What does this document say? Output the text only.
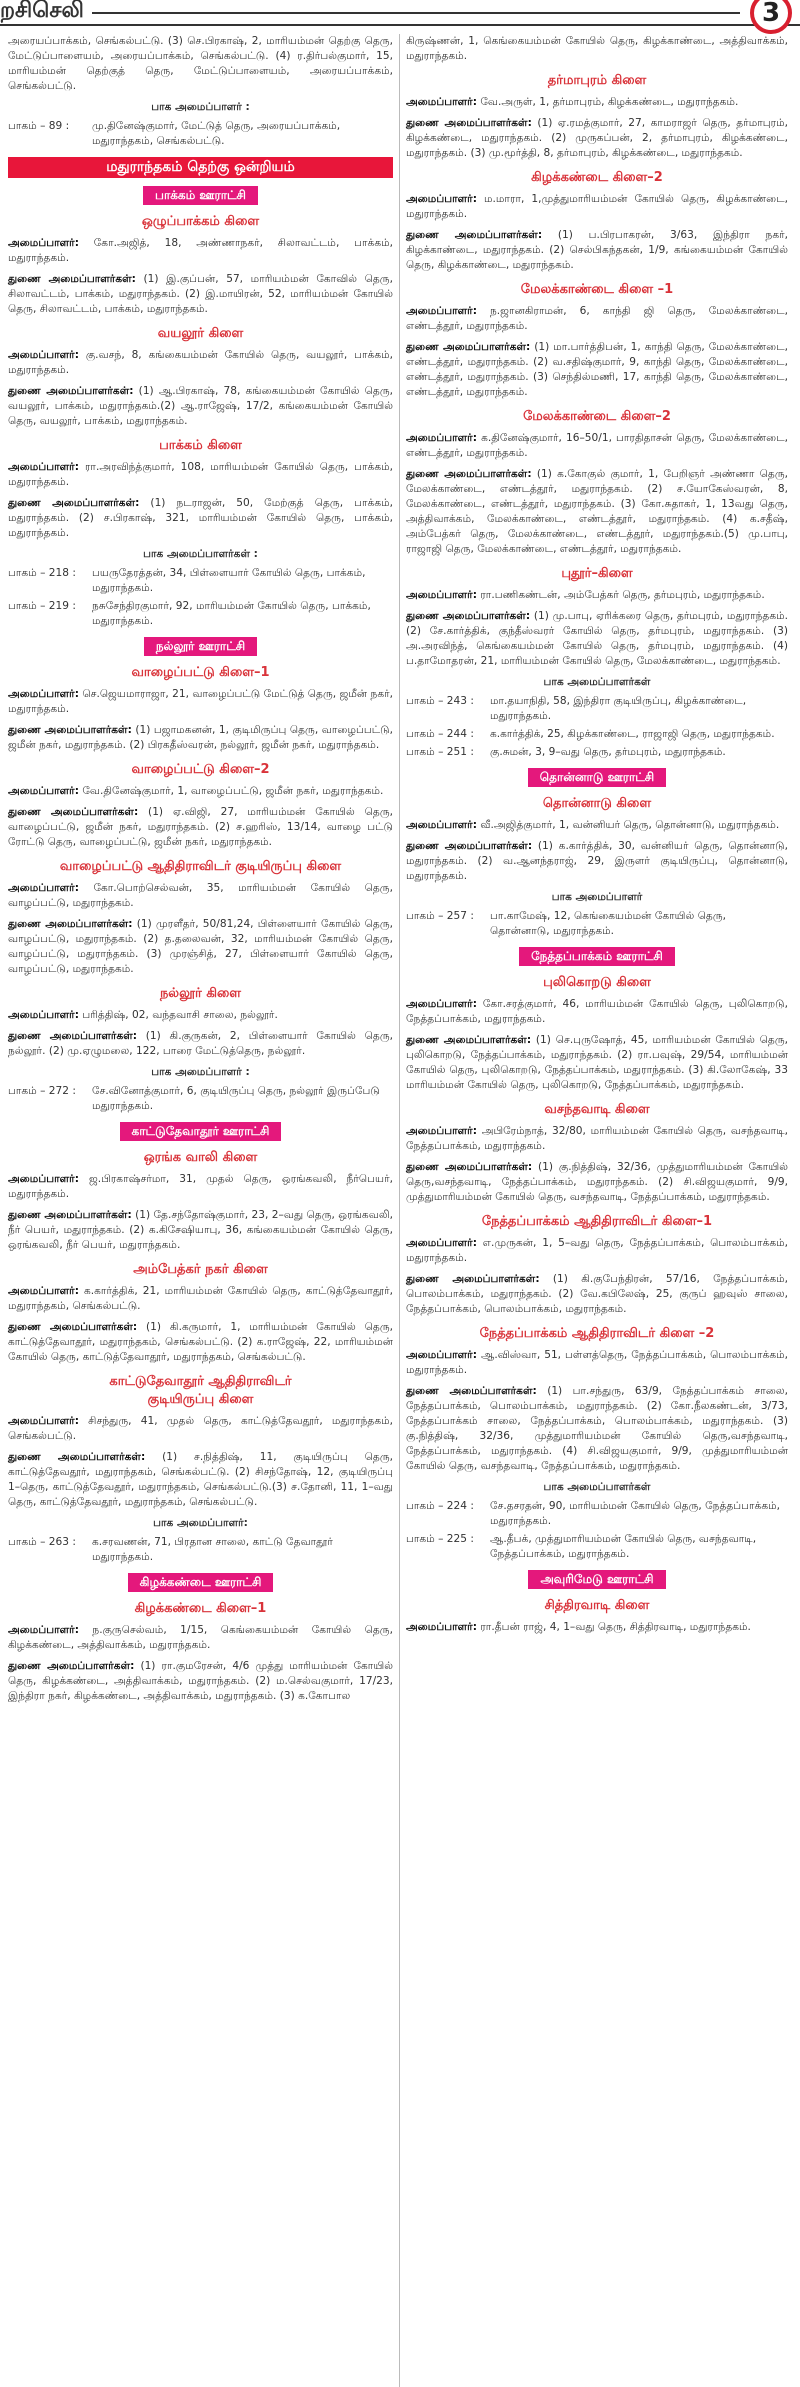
றசிசெலி	3

அரையப்பாக்கம், செங்கல்பட்டு. (3) செ.பிரகாஷ், 2, மாரியம்மன் தெற்கு தெரு, மேட்டுப்பாளையம், அரையப்பாக்கம், செங்கல்பட்டு. (4) ர.திர்பல்குமார், 15, மாரியம்மன் தெற்குத் தெரு, மேட்டுப்பாளையம், அரையப்பாக்கம், செங்கல்பட்டு.

பாக அமைப்பாளர் :
பாகம் – 89 :	மு.தினேஷ்குமார், மேட்டுத் தெரு, அரையப்பாக்கம், மதுராந்தகம், செங்கல்பட்டு.
மதுராந்தகம் தெற்கு ஒன்றியம்
பாக்கம் ஊராட்சி
ஒழுப்பாக்கம் கிளை

அமைப்பாளர்: கோ.அஜித், 18, அண்ணாநகர், சிலாவட்டம், பாக்கம், மதுராந்தகம்.

துணை அமைப்பாளர்கள்: (1) இ.குப்பன், 57, மாரியம்மன் கோவில் தெரு, சிலாவட்டம், பாக்கம், மதுராந்தகம். (2) இ.மாயிரன், 52, மாரியம்மன் கோயில் தெரு, சிலாவட்டம், பாக்கம், மதுராந்தகம்.

வயலூர் கிளை

அமைப்பாளர்: கு.வசந், 8, கங்கையம்மன் கோயில் தெரு, வயலூர், பாக்கம், மதுராந்தகம்.

துணை அமைப்பாளர்கள்: (1) ஆ.பிரகாஷ், 78, கங்கையம்மன் கோயில் தெரு, வயலூர், பாக்கம், மதுராந்தகம்.(2) ஆ.ராஜேஷ், 17/2, கங்கையம்மன் கோயில் தெரு, வயலூர், பாக்கம், மதுராந்தகம்.

பாக்கம் கிளை

அமைப்பாளர்: ரா.அரவிந்த்குமார், 108, மாரியம்மன் கோயில் தெரு, பாக்கம், மதுராந்தகம்.

துணை அமைப்பாளர்கள்: (1) நடராஜன், 50, மேற்குத் தெரு, பாக்கம், மதுராந்தகம். (2) ச.பிரகாஷ், 321, மாரியம்மன் கோயில் தெரு, பாக்கம், மதுராந்தகம்.

பாக அமைப்பாளர்கள் :
பாகம் – 218 :	பயருதேரத்தன், 34, பிள்ளையார் கோயில் தெரு, பாக்கம், மதுராந்தகம்.
பாகம் – 219 :	நசுசேந்திரகுமார், 92, மாரியம்மன் கோயில் தெரு, பாக்கம், மதுராந்தகம்.
நல்லூர் ஊராட்சி
வாழைப்பட்டு கிளை–1

அமைப்பாளர்: செ.ஜெயமாராஜா, 21, வாழைப்பட்டு மேட்டுத் தெரு, ஜமீன் நகர், மதுராந்தகம்.

துணை அமைப்பாளர்கள்: (1) பஜாமகனன், 1, குடிமிருப்பு தெரு, வாழைப்பட்டு, ஜமீன் நகர், மதுராந்தகம். (2) பிரகதீஸ்வரன், நல்லூர், ஜமீன் நகர், மதுராந்தகம்.

வாழைப்பட்டு கிளை–2

அமைப்பாளர்: வே.தினேஷ்குமார், 1, வாழைப்பட்டு, ஜமீன் நகர், மதுராந்தகம்.

துணை அமைப்பாளர்கள்: (1) ஏ.விஜி, 27, மாரியம்மன் கோயில் தெரு, வாழைப்பட்டு, ஜமீன் நகர், மதுராந்தகம். (2) ச.ஹரிஸ், 13/14, வாழை பட்டு ரோட்டு தெரு, வாழைப்பட்டு, ஜமீன் நகர், மதுராந்தகம்.

வாழைப்பட்டு ஆதிதிராவிடர் குடியிருப்பு கிளை

அமைப்பாளர்: கோ.பொற்செல்வன், 35, மாரியம்மன் கோயில் தெரு, வாழப்பட்டு, மதுராந்தகம்.

துணை அமைப்பாளர்கள்: (1) முரளீதர், 50/81,24, பிள்ளையார் கோயில் தெரு, வாழப்பட்டு, மதுராந்தகம். (2) த.தலைவன், 32, மாரியம்மன் கோயில் தெரு, வாழப்பட்டு, மதுராந்தகம். (3) முரஞ்சித், 27, பிள்ளையார் கோயில் தெரு, வாழப்பட்டு, மதுராந்தகம்.

நல்லூர் கிளை

அமைப்பாளர்: பரித்திஷ், 02, வந்தவாசி சாலை, நல்லூர்.

துணை அமைப்பாளர்கள்: (1) கி.குருகன், 2, பிள்ளையார் கோயில் தெரு, நல்லூர். (2) மு.ஏழுமலை, 122, பாரை மேட்டுத்தெரு, நல்லூர்.

பாக அமைப்பாளர் :
பாகம் – 272 :	சே.வினோத்குமார், 6, குடியிருப்பு தெரு, நல்லூர் இருப்பேடு மதுராந்தகம்.
காட்டுதேவாதூர் ஊராட்சி
ஒரங்க வாலி கிளை

அமைப்பாளர்: ஜ.பிரகாஷ்சர்மா, 31, முதல் தெரு, ஒரங்கவலி, நீர்பெயர், மதுராந்தகம்.

துணை அமைப்பாளர்கள்: (1) தே.சந்தோஷ்குமார், 23, 2–வது தெரு, ஒரங்கவலி, நீர் பெயர், மதுராந்தகம். (2) க.கிசேஷியாபு, 36, கங்கையம்மன் கோயில் தெரு, ஒரங்கவலி, நீர் பெயர், மதுராந்தகம்.

அம்பேத்கர் நகர் கிளை

அமைப்பாளர்: க.கார்த்திக், 21, மாரியம்மன் கோயில் தெரு, காட்டுத்தேவாதூர், மதுராந்தகம், செங்கல்பட்டு.

துணை அமைப்பாளர்கள்: (1) கி.கருமார், 1, மாரியம்மன் கோயில் தெரு, காட்டுத்தேவாதூர், மதுராந்தகம், செங்கல்பட்டு. (2) க.ராஜேஷ், 22, மாரியம்மன் கோயில் தெரு, காட்டுத்தேவாதூர், மதுராந்தகம், செங்கல்பட்டு.

காட்டுதேவாதூர் ஆதிதிராவிடர்
குடியிருப்பு கிளை

அமைப்பாளர்: சிசந்துரு, 41, முதல் தெரு, காட்டுத்தேவதூர், மதுராந்தகம், செங்கல்பட்டு.

துணை அமைப்பாளர்கள்: (1) ச.நித்திஷ், 11, குடியிருப்பு தெரு, காட்டுத்தேவதூர், மதுராந்தகம், செங்கல்பட்டு. (2) சிசந்தோஷ், 12, குடியிருப்பு 1–தெரு, காட்டுத்தேவதூர், மதுராந்தகம், செங்கல்பட்டு.(3) ச.தோனி, 11, 1–வது தெரு, காட்டுத்தேவதூர், மதுராந்தகம், செங்கல்பட்டு.

பாக அமைப்பாளர்:
பாகம் – 263 :	க.சரவணன், 71, பிரதான சாலை, காட்டு தேவாதூர் மதுராந்தகம்.
கிழக்கண்டை ஊராட்சி
கிழக்கண்டை கிளை–1

அமைப்பாளர்: ந.குருசெல்வம், 1/15, கெங்கையம்மன் கோயில் தெரு, கிழக்கண்டை, அத்திவாக்கம், மதுராந்தகம்.

துணை அமைப்பாளர்கள்: (1) ரா.குமரேசன், 4/6 முத்து மாரியம்மன் கோயில் தெரு, கிழக்கண்டை, அத்திவாக்கம், மதுராந்தகம். (2) ம.செல்வகுமார், 17/23, இந்திரா நகர், கிழக்கண்டை, அத்திவாக்கம், மதுராந்தகம். (3) க.கோபால

கிருஷ்ணன், 1, கெங்கையம்மன் கோயில் தெரு, கிழக்காண்டை, அத்திவாக்கம், மதுராந்தகம்.

தர்மாபுரம் கிளை

அமைப்பாளர்: வே.அருள், 1, தர்மாபுரம், கிழக்கண்டை, மதுராந்தகம்.

துணை அமைப்பாளர்கள்: (1) ஏ.ரமத்குமார், 27, காமராஜர் தெரு, தர்மாபுரம், கிழக்கண்டை, மதுராந்தகம். (2) முருகப்பன், 2, தர்மாபுரம், கிழக்கண்டை, மதுராந்தகம். (3) மு.மூர்த்தி, 8, தர்மாபுரம், கிழக்கண்டை, மதுராந்தகம்.

கிழக்கண்டை கிளை–2

அமைப்பாளர்: ம.மாரா, 1,முத்துமாரியம்மன் கோயில் தெரு, கிழக்காண்டை, மதுராந்தகம்.

துணை அமைப்பாளர்கள்: (1) ப.பிரபாகரன், 3/63, இந்திரா நகர், கிழக்காண்டை, மதுராந்தகம். (2) செல்பிகந்தகன், 1/9, கங்கையம்மன் கோயில் தெரு, கிழக்காண்டை, மதுராந்தகம்.

மேலக்காண்டை கிளை –1

அமைப்பாளர்: ந.ஜானகிராமன், 6, காந்தி ஜி தெரு, மேலக்காண்டை, எண்டத்தூர், மதுராந்தகம்.

துணை அமைப்பாளர்கள்: (1) மா.பார்த்திபன், 1, காந்தி தெரு, மேலக்காண்டை, எண்டத்தூர், மதுராந்தகம். (2) வ.சதிஷ்குமார், 9, காந்தி தெரு, மேலக்காண்டை, எண்டத்தூர், மதுராந்தகம். (3) செந்தில்மணி, 17, காந்தி தெரு, மேலக்காண்டை, எண்டத்தூர், மதுராந்தகம்.

மேலக்காண்டை கிளை–2

அமைப்பாளர்: க.தினேஷ்குமார், 16–50/1, பாரதிதாசன் தெரு, மேலக்காண்டை, எண்டத்தூர், மதுராந்தகம்.

துணை அமைப்பாளர்கள்: (1) க.கோகுல் குமார், 1, பேறிஞர் அண்ணா தெரு, மேலக்காண்டை, எண்டத்தூர், மதுராந்தகம். (2) ச.யோகேஸ்வரன், 8, மேலக்காண்டை, எண்டத்தூர், மதுராந்தகம். (3) கோ.சுதாகர், 1, 13வது தெரு, அத்திவாக்கம், மேலக்காண்டை, எண்டத்தூர், மதுராந்தகம். (4) க.சதீஷ், அம்பேத்கர் தெரு, மேலக்காண்டை, எண்டத்தூர், மதுராந்தகம்.(5) மு.பாபு, ராஜாஜி தெரு, மேலக்காண்டை, எண்டத்தூர், மதுராந்தகம்.

புதூர்–கிளை

அமைப்பாளர்: ரா.பணிகண்டன், அம்பேத்கர் தெரு, தர்மபுரம், மதுராந்தகம்.

துணை அமைப்பாளர்கள்: (1) மு.பாபு, ஏரிக்கரை தெரு, தர்மபுரம், மதுராந்தகம். (2) சே.கார்த்திக், குந்தீஸ்வரர் கோயில் தெரு, தர்மபுரம், மதுராந்தகம். (3) அ.அரவிந்த், கெங்கையம்மன் கோயில் தெரு, தர்மபுரம், மதுராந்தகம். (4) ப.தாமோதரன், 21, மாரியம்மன் கோயில் தெரு, மேலக்காண்டை, மதுராந்தகம்.

பாக அமைப்பாளர்கள்
பாகம் – 243 :	மா.தயாநிதி, 58, இந்திரா குடியிருப்பு, கிழக்காண்டை, மதுராந்தகம்.
பாகம் – 244 :	க.கார்த்திக், 25, கிழக்காண்டை, ராஜாஜி தெரு, மதுராந்தகம்.
பாகம் – 251 :	கு.சுமன், 3, 9–வது தெரு, தர்மபுரம், மதுராந்தகம்.
தொன்னாடு ஊராட்சி
தொன்னாடு கிளை

அமைப்பாளர்: வீ.அஜித்குமார், 1, வன்னியர் தெரு, தொன்னாடு, மதுராந்தகம்.

துணை அமைப்பாளர்கள்: (1) க.கார்த்திக், 30, வன்னியர் தெரு, தொன்னாடு, மதுராந்தகம். (2) வ.ஆனந்தராஜ், 29, இருளர் குடியிருப்பு, தொன்னாடு, மதுராந்தகம்.

பாக அமைப்பாளர்
பாகம் – 257 :	பா.காமேஷ், 12, கெங்கையம்மன் கோயில் தெரு, தொன்னாடு, மதுராந்தகம்.
நேத்தப்பாக்கம் ஊராட்சி
புலிகொறடு கிளை

அமைப்பாளர்: கோ.சரத்குமார், 46, மாரியம்மன் கோயில் தெரு, புலிகொறடு, நேத்தப்பாக்கம், மதுராந்தகம்.

துணை அமைப்பாளர்கள்: (1) செ.புருஷோத், 45, மாரியம்மன் கோயில் தெரு, புலிகொறடு, நேத்தப்பாக்கம், மதுராந்தகம். (2) ரா.பவுஷ், 29/54, மாரியம்மன் கோயில் தெரு, புலிகொறடு, நேத்தப்பாக்கம், மதுராந்தகம். (3) கி.லோகேஷ், 33 மாரியம்மன் கோயில் தெரு, புலிகொறடு, நேத்தப்பாக்கம், மதுராந்தகம்.

வசந்தவாடி கிளை

அமைப்பாளர்: அபிரேம்நாத், 32/80, மாரியம்மன் கோயில் தெரு, வசந்தவாடி, நேத்தப்பாக்கம், மதுராந்தகம்.

துணை அமைப்பாளர்கள்: (1) கு.நித்திஷ், 32/36, முத்துமாரியம்மன் கோயில் தெரு,வசந்தவாடி, நேத்தப்பாக்கம், மதுராந்தகம். (2) சி.விஜயகுமார், 9/9, முத்துமாரியம்மன் கோயில் தெரு, வசந்தவாடி, நேத்தப்பாக்கம், மதுராந்தகம்.

நேத்தப்பாக்கம் ஆதிதிராவிடர் கிளை–1

அமைப்பாளர்: எ.முருகன், 1, 5–வது தெரு, நேத்தப்பாக்கம், பொலம்பாக்கம், மதுராந்தகம்.

துணை அமைப்பாளர்கள்: (1) கி.குபேந்திரன், 57/16, நேத்தப்பாக்கம், பொலம்பாக்கம், மதுராந்தகம். (2) வே.கபிலேஷ், 25, குருப் ஹவுஸ் சாலை, நேத்தப்பாக்கம், பொலம்பாக்கம், மதுராந்தகம்.

நேத்தப்பாக்கம் ஆதிதிராவிடர் கிளை –2

அமைப்பாளர்: ஆ.விஸ்வா, 51, பள்ளத்தெரு, நேத்தப்பாக்கம், பொலம்பாக்கம், மதுராந்தகம்.

துணை அமைப்பாளர்கள்: (1) பா.சந்துரு, 63/9, நேத்தப்பாக்கம் சாலை, நேத்தப்பாக்கம், பொலம்பாக்கம், மதுராந்தகம். (2) கோ.நீலகண்டன், 3/73, நேத்தப்பாக்கம் சாலை, நேத்தப்பாக்கம், பொலம்பாக்கம், மதுராந்தகம். (3) கு.நித்திஷ், 32/36, முத்துமாரியம்மன் கோயில் தெரு,வசந்தவாடி, நேத்தப்பாக்கம், மதுராந்தகம். (4) சி.விஜயகுமார், 9/9, முத்துமாரியம்மன் கோயில் தெரு, வசந்தவாடி, நேத்தப்பாக்கம், மதுராந்தகம்.

பாக அமைப்பாளர்கள்
பாகம் – 224 :	சே.தசரதன், 90, மாரியம்மன் கோயில் தெரு, நேத்தப்பாக்கம், மதுராந்தகம்.
பாகம் – 225 :	ஆ.தீபக், முத்துமாரியம்மன் கோயில் தெரு, வசந்தவாடி, நேத்தப்பாக்கம், மதுராந்தகம்.
அவுரிமேடு ஊராட்சி
சித்திரவாடி கிளை

அமைப்பாளர்: ரா.தீபன் ராஜ், 4, 1–வது தெரு, சித்திரவாடி, மதுராந்தகம்.
